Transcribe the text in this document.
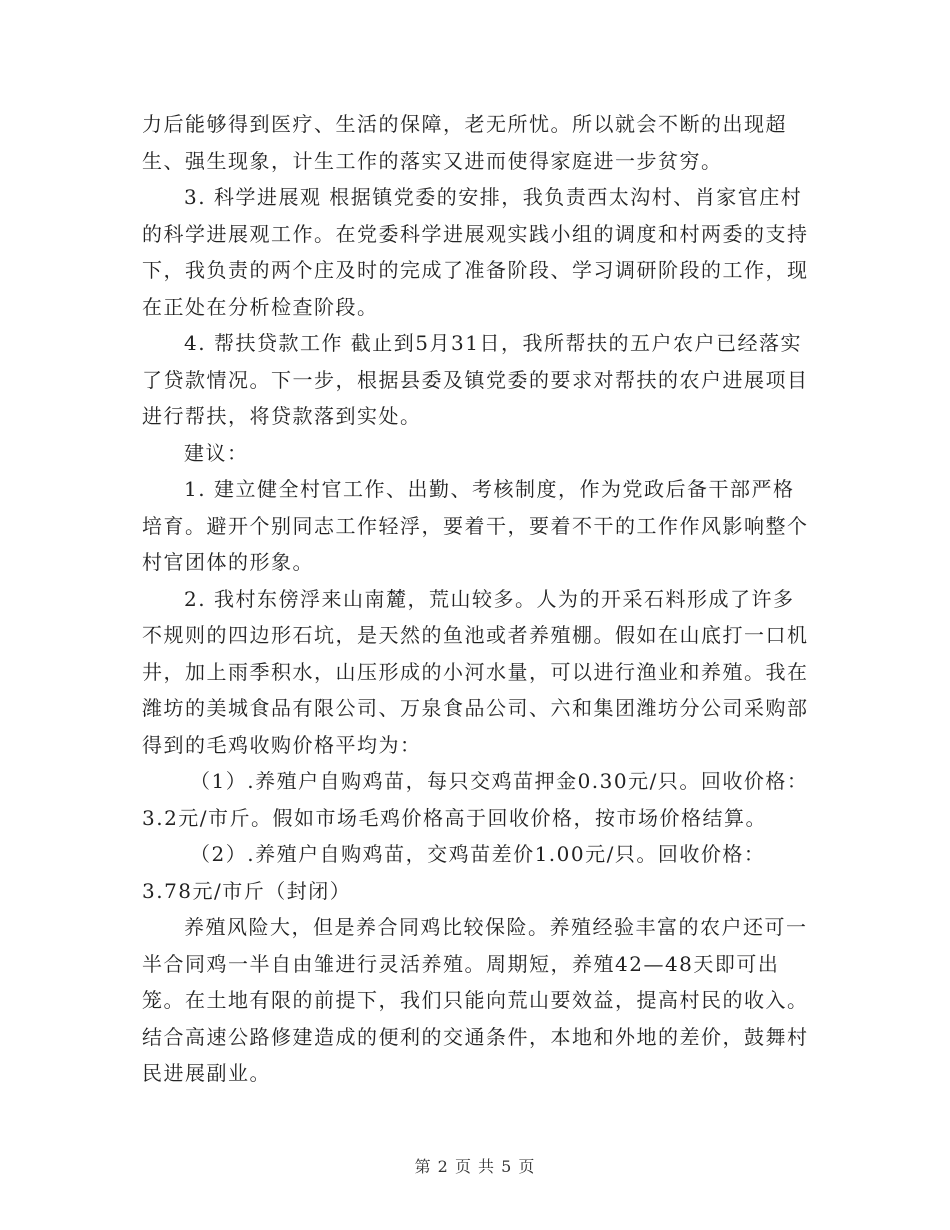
力后能够得到医疗、生活的保障，老无所忧。所以就会不断的出现超生、强生现象，计生工作的落实又进而使得家庭进一步贫穷。

3. 科学进展观 根据镇党委的安排，我负责西太沟村、肖家官庄村的科学进展观工作。在党委科学进展观实践小组的调度和村两委的支持下，我负责的两个庄及时的完成了准备阶段、学习调研阶段的工作，现在正处在分析检查阶段。

4. 帮扶贷款工作 截止到5月31日，我所帮扶的五户农户已经落实了贷款情况。下一步，根据县委及镇党委的要求对帮扶的农户进展项目进行帮扶，将贷款落到实处。

建议：

1. 建立健全村官工作、出勤、考核制度，作为党政后备干部严格培育。避开个别同志工作轻浮，要着干，要着不干的工作作风影响整个村官团体的形象。

2. 我村东傍浮来山南麓，荒山较多。人为的开采石料形成了许多不规则的四边形石坑，是天然的鱼池或者养殖棚。假如在山底打一口机井，加上雨季积水，山压形成的小河水量，可以进行渔业和养殖。我在潍坊的美城食品有限公司、万泉食品公司、六和集团潍坊分公司采购部得到的毛鸡收购价格平均为：

（1）.养殖户自购鸡苗，每只交鸡苗押金0.30元/只。回收价格：3.2元/市斤。假如市场毛鸡价格高于回收价格，按市场价格结算。

（2）.养殖户自购鸡苗，交鸡苗差价1.00元/只。回收价格：3.78元/市斤（封闭）

养殖风险大，但是养合同鸡比较保险。养殖经验丰富的农户还可一半合同鸡一半自由雏进行灵活养殖。周期短，养殖42—48天即可出笼。在土地有限的前提下，我们只能向荒山要效益，提高村民的收入。结合高速公路修建造成的便利的交通条件，本地和外地的差价，鼓舞村民进展副业。

第 2 页 共 5 页
